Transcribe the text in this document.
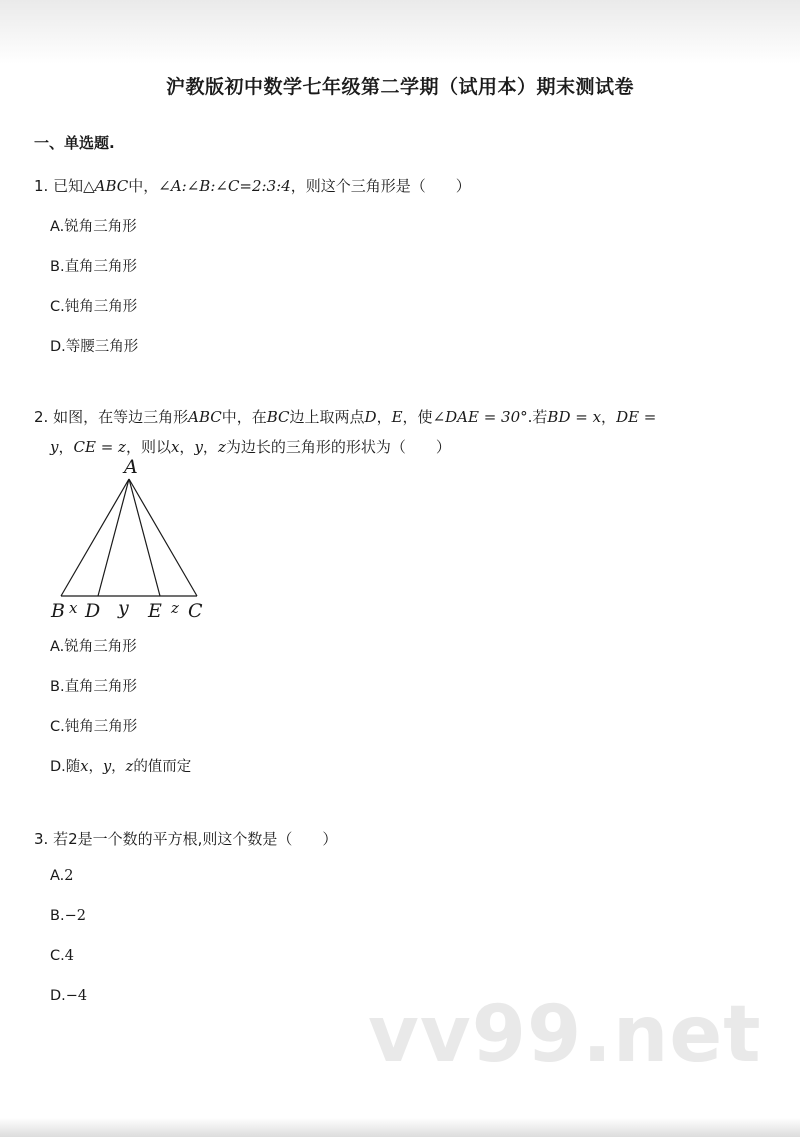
沪教版初中数学七年级第二学期（试用本）期末测试卷
一、单选题.
1. 已知△ABC中，∠A:∠B:∠C=2:3:4，则这个三角形是（　　）
A.锐角三角形
B.直角三角形
C.钝角三角形
D.等腰三角形
2. 如图，在等边三角形ABC中，在BC边上取两点D，E，使∠DAE = 30°.若BD = x，DE =
y，CE = z，则以x，y，z为边长的三角形的形状为（　　）
A
B x D y E z C
A.锐角三角形
B.直角三角形
C.钝角三角形
D.随x，y，z的值而定
3. 若2是一个数的平方根,则这个数是（　　）
A.2
B.−2
C.4
D.−4	vv99.net
